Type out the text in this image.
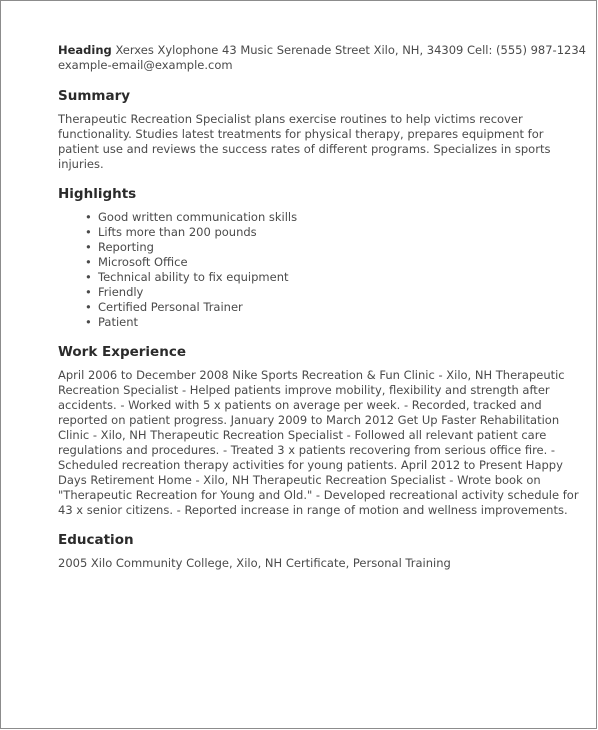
Heading Xerxes Xylophone 43 Music Serenade Street Xilo, NH, 34309 Cell: (555) 987-1234 example-email@example.com

Summary

Therapeutic Recreation Specialist plans exercise routines to help victims recover functionality. Studies latest treatments for physical therapy, prepares equipment for patient use and reviews the success rates of different programs. Specializes in sports injuries.

Highlights
• Good written communication skills
• Lifts more than 200 pounds
• Reporting
• Microsoft Office
• Technical ability to fix equipment
• Friendly
• Certified Personal Trainer
• Patient
Work Experience

April 2006 to December 2008 Nike Sports Recreation & Fun Clinic - Xilo, NH Therapeutic Recreation Specialist - Helped patients improve mobility, flexibility and strength after accidents. - Worked with 5 x patients on average per week. - Recorded, tracked and reported on patient progress. January 2009 to March 2012 Get Up Faster Rehabilitation Clinic - Xilo, NH Therapeutic Recreation Specialist - Followed all relevant patient care regulations and procedures. - Treated 3 x patients recovering from serious office fire. - Scheduled recreation therapy activities for young patients. April 2012 to Present Happy Days Retirement Home - Xilo, NH Therapeutic Recreation Specialist - Wrote book on "Therapeutic Recreation for Young and Old." - Developed recreational activity schedule for 43 x senior citizens. - Reported increase in range of motion and wellness improvements.

Education

2005 Xilo Community College, Xilo, NH Certificate, Personal Training
